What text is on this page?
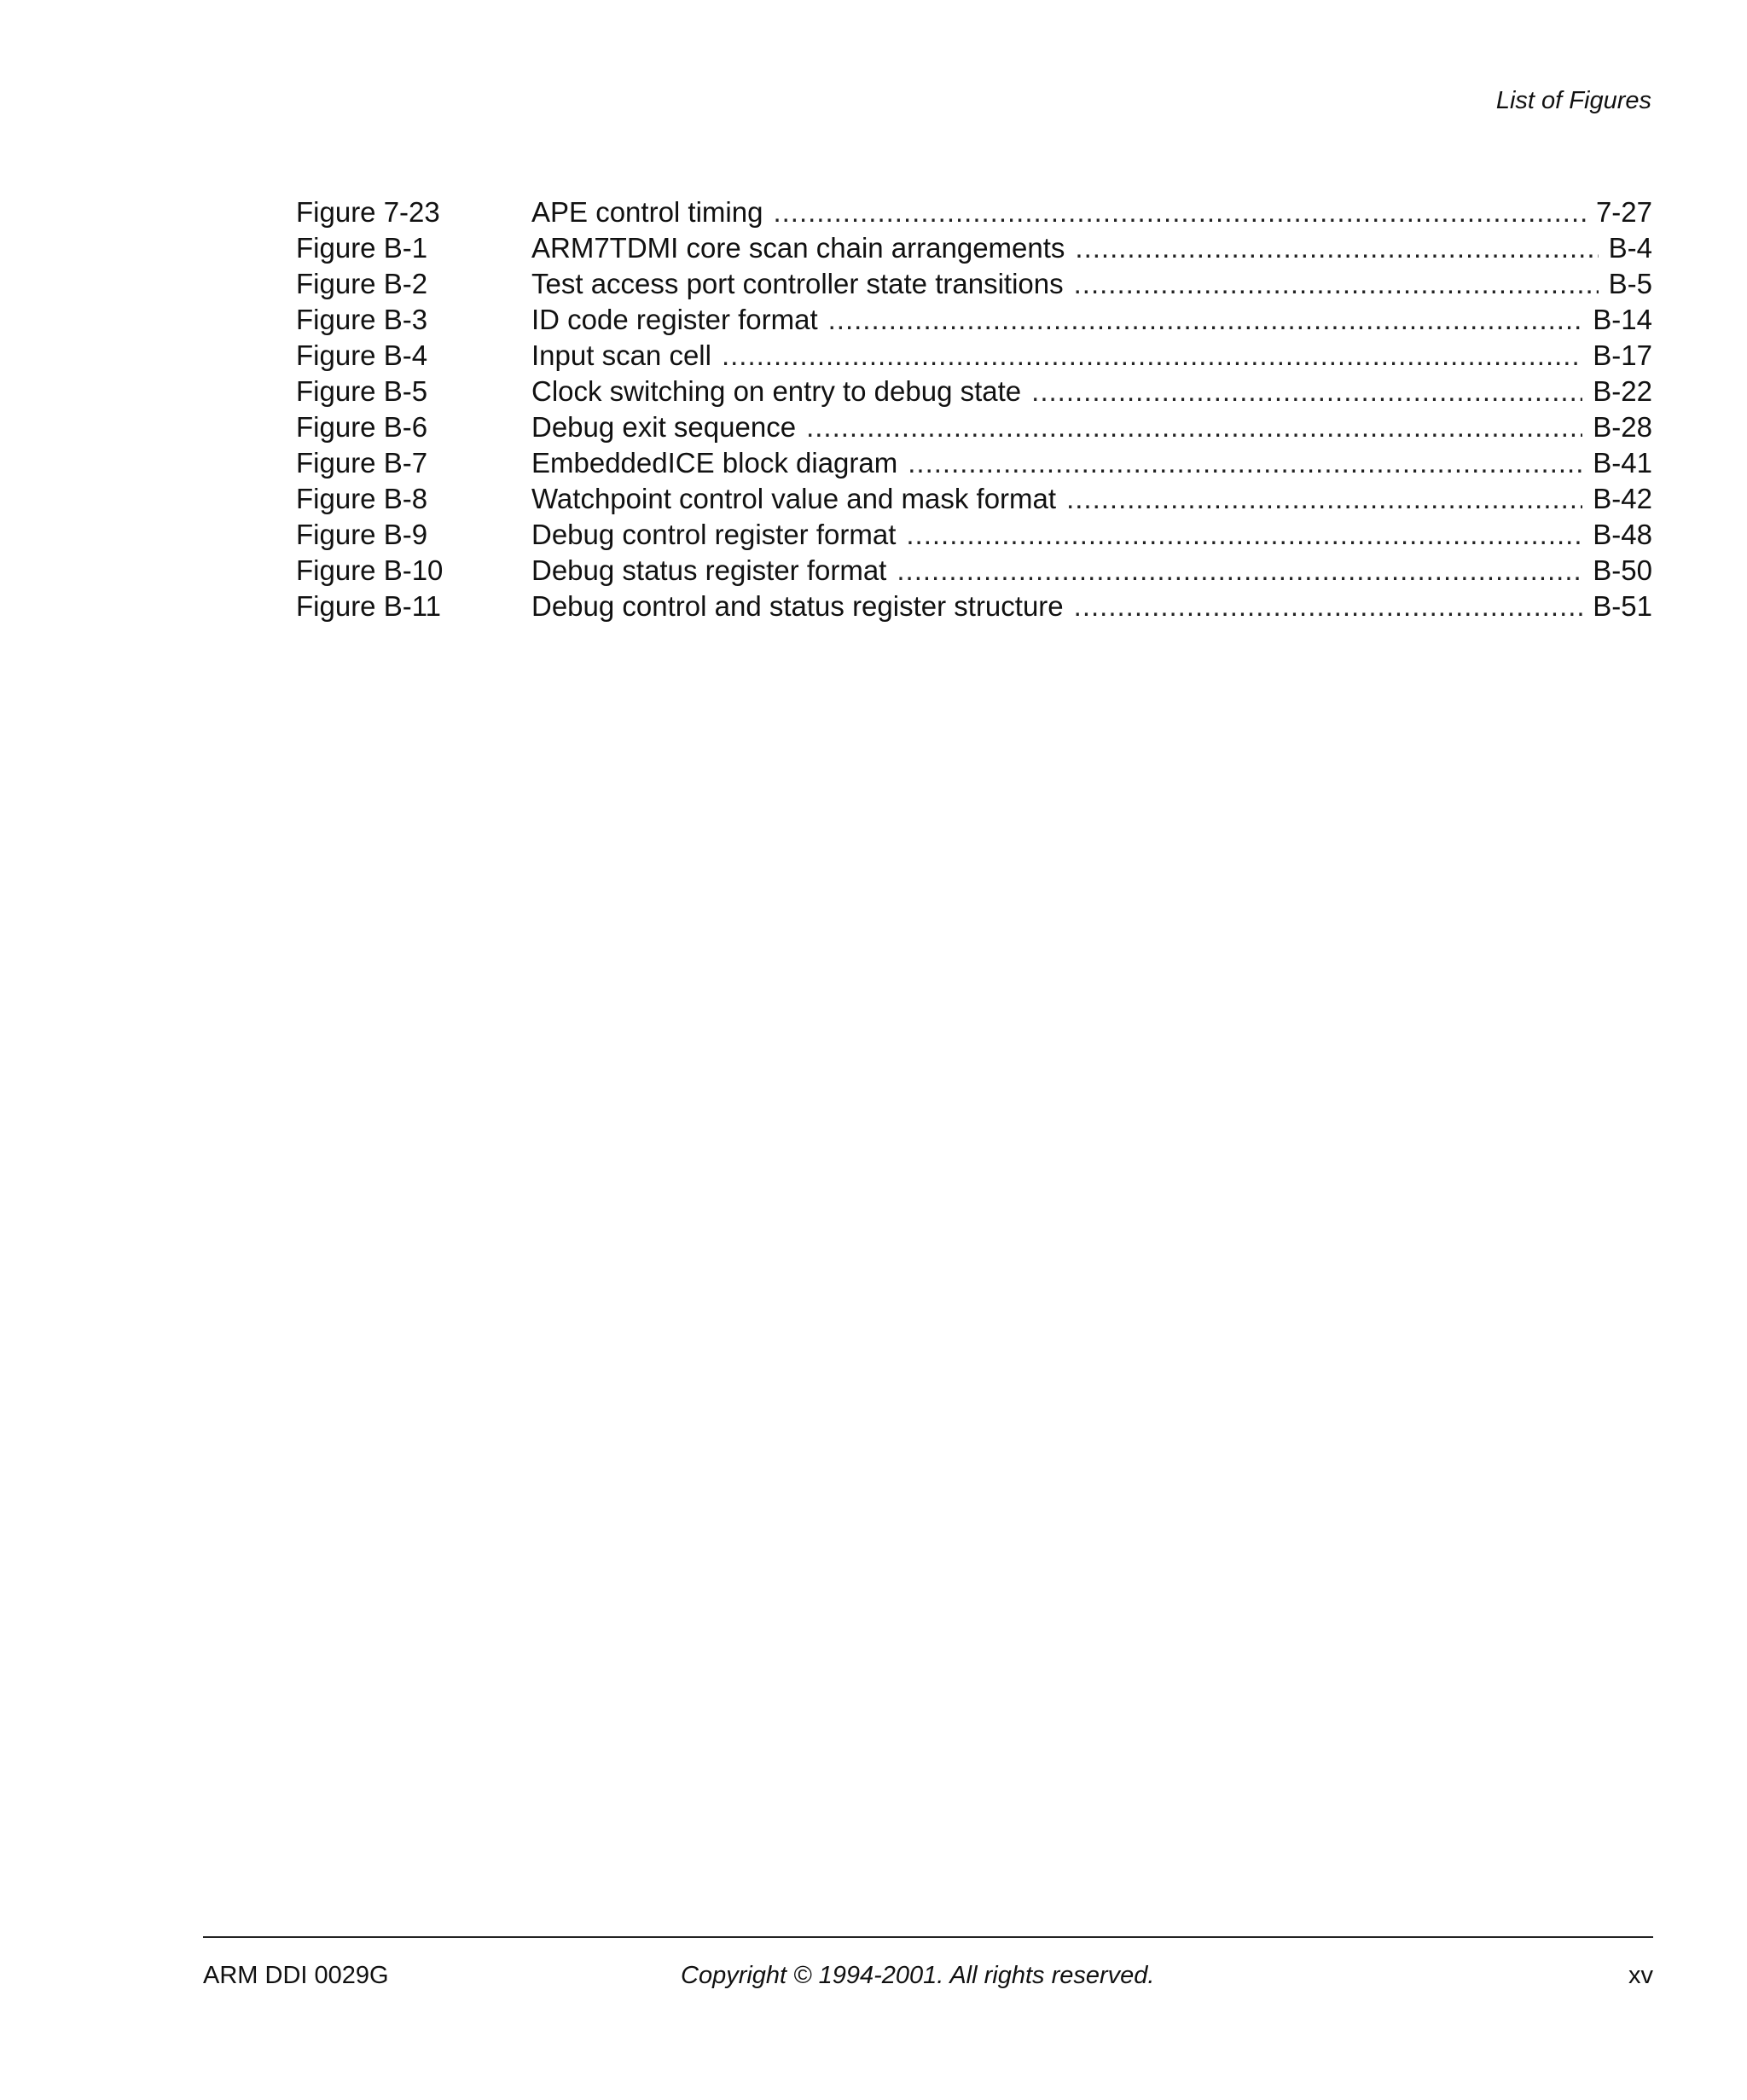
List of Figures
Figure 7-23	APE control timing .....	7-27
Figure B-1	ARM7TDMI core scan chain arrangements .....	B-4
Figure B-2	Test access port controller state transitions .....	B-5
Figure B-3	ID code register format .....	B-14
Figure B-4	Input scan cell .....	B-17
Figure B-5	Clock switching on entry to debug state .....	B-22
Figure B-6	Debug exit sequence .....	B-28
Figure B-7	EmbeddedICE block diagram .....	B-41
Figure B-8	Watchpoint control value and mask format .....	B-42
Figure B-9	Debug control register format .....	B-48
Figure B-10	Debug status register format .....	B-50
Figure B-11	Debug control and status register structure .....	B-51
ARM DDI 0029G	Copyright © 1994-2001. All rights reserved.	xv
